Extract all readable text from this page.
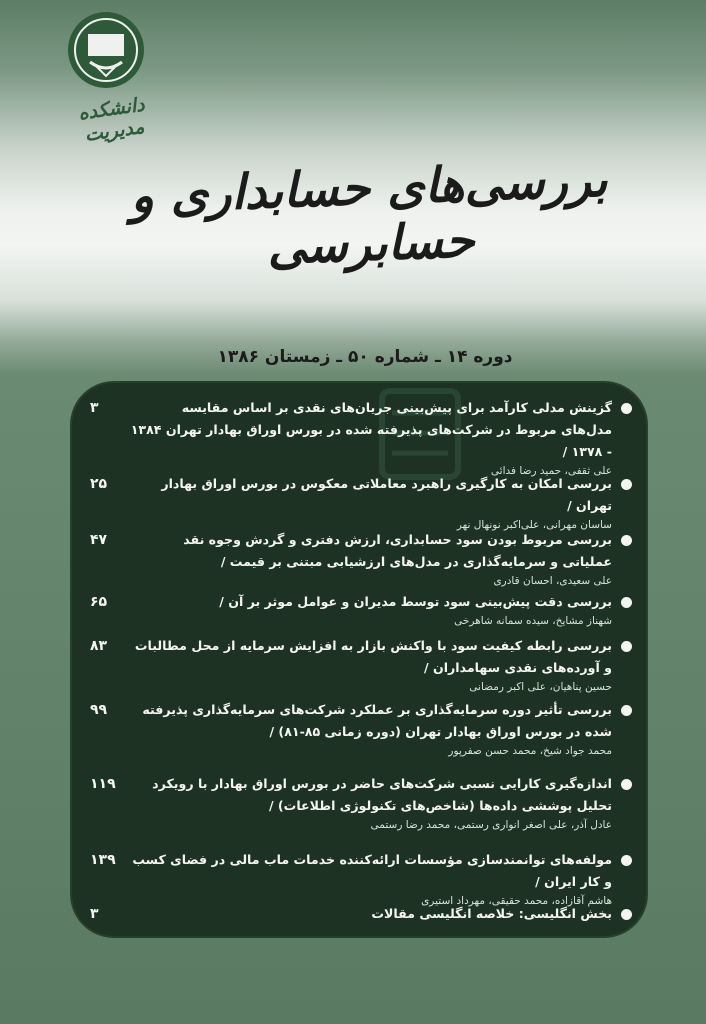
دانشکده مدیریت
بررسی‌های حسابداری و حسابرسی
دوره ۱۴ ـ شماره ۵۰ ـ زمستان ۱۳۸۶
۳	گزینش مدلی کارآمد برای پیش‌بینی جریان‌های نقدی بر اساس مقایسه مدل‌های مربوط در شرکت‌های پذیرفته شده در بورس اوراق بهادار تهران ۱۳۸۴ - ۱۳۷۸ /
علی ثقفی، حمید رضا فدائی
۲۵	بررسی امکان به کارگیری راهبرد معاملاتی معکوس در بورس اوراق بهادار تهران /
ساسان مهرانی، علی‌اکبر نونهال نهر
۴۷	بررسی مربوط بودن سود حسابداری، ارزش دفتری و گردش وجوه نقد عملیاتی و سرمایه‌گذاری در مدل‌های ارزشیابی مبتنی بر قیمت /
علی سعیدی، احسان قادری
۶۵	بررسی دقت پیش‌بینی سود توسط مدیران و عوامل موثر بر آن /
شهناز مشایخ، سیده سمانه شاهرخی
۸۳	بررسی رابطه کیفیت سود با واکنش بازار به افزایش سرمایه از محل مطالبات و آورده‌های نقدی سهامداران /
حسین پناهیان، علی اکبر رمضانی
۹۹	بررسی تأثیر دوره سرمایه‌گذاری بر عملکرد شرکت‌های سرمایه‌گذاری پذیرفته شده در بورس اوراق بهادار تهران (دوره زمانی ۸۵-۸۱) /
محمد جواد شیخ، محمد حسن صفرپور
۱۱۹	اندازه‌گیری کارایی نسبی شرکت‌های حاضر در بورس اوراق بهادار با رویکرد تحلیل پوششی داده‌ها (شاخص‌های تکنولوژی اطلاعات) /
عادل آذر، علی اصغر انواری رستمی، محمد رضا رستمی
۱۳۹	مولفه‌های توانمندسازی مؤسسات ارائه‌کننده خدمات ماب مالی در فضای کسب و کار ایران /
هاشم آقازاده، محمد حقیقی، مهرداد استیری
۳	بخش انگلیسی: خلاصه انگلیسی مقالات
